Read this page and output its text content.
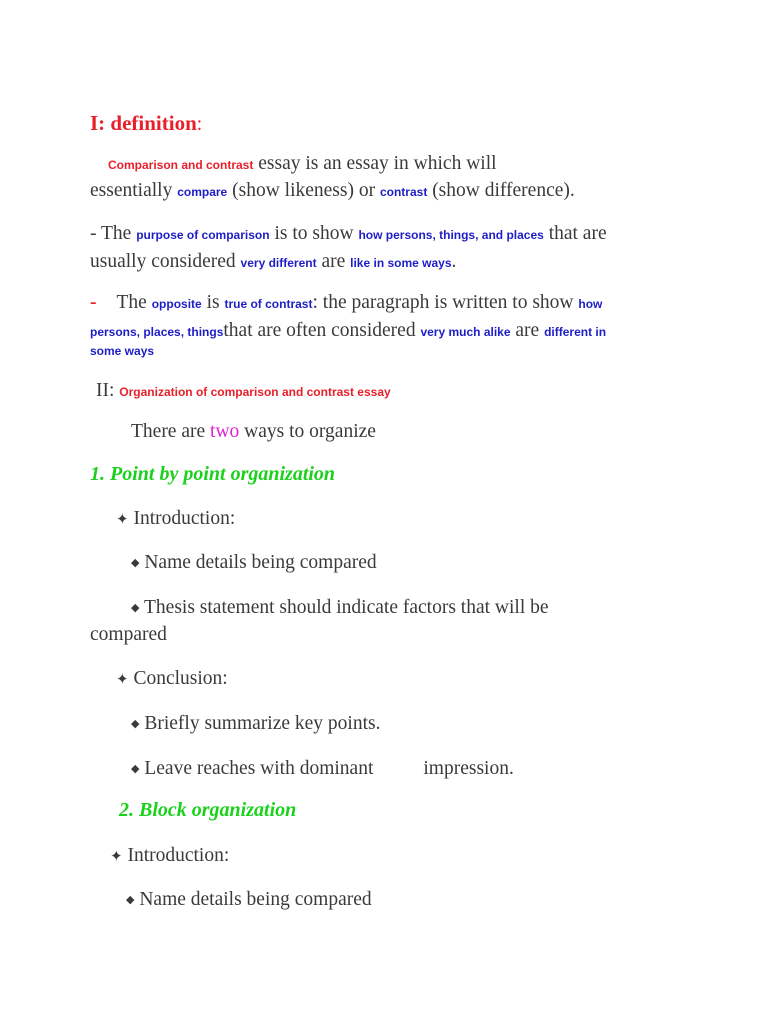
I: definition:
Comparison and contrast essay is an essay in which will
essentially compare (show likeness) or contrast (show difference).
- The purpose of comparison is to show how persons, things, and places that are
usually considered very different are like in some ways.
- The opposite is true of contrast: the paragraph is written to show how
persons, places, thingsthat are often considered very much alike are different in
some ways
II: Organization of comparison and contrast essay
There are two ways to organize
1. Point by point organization
✦ Introduction:
◆ Name details being compared
◆ Thesis statement should indicate factors that will be
compared
✦ Conclusion:
◆ Briefly summarize key points.
◆ Leave reaches with dominant	impression.
2. Block organization
✦ Introduction:
◆ Name details being compared
